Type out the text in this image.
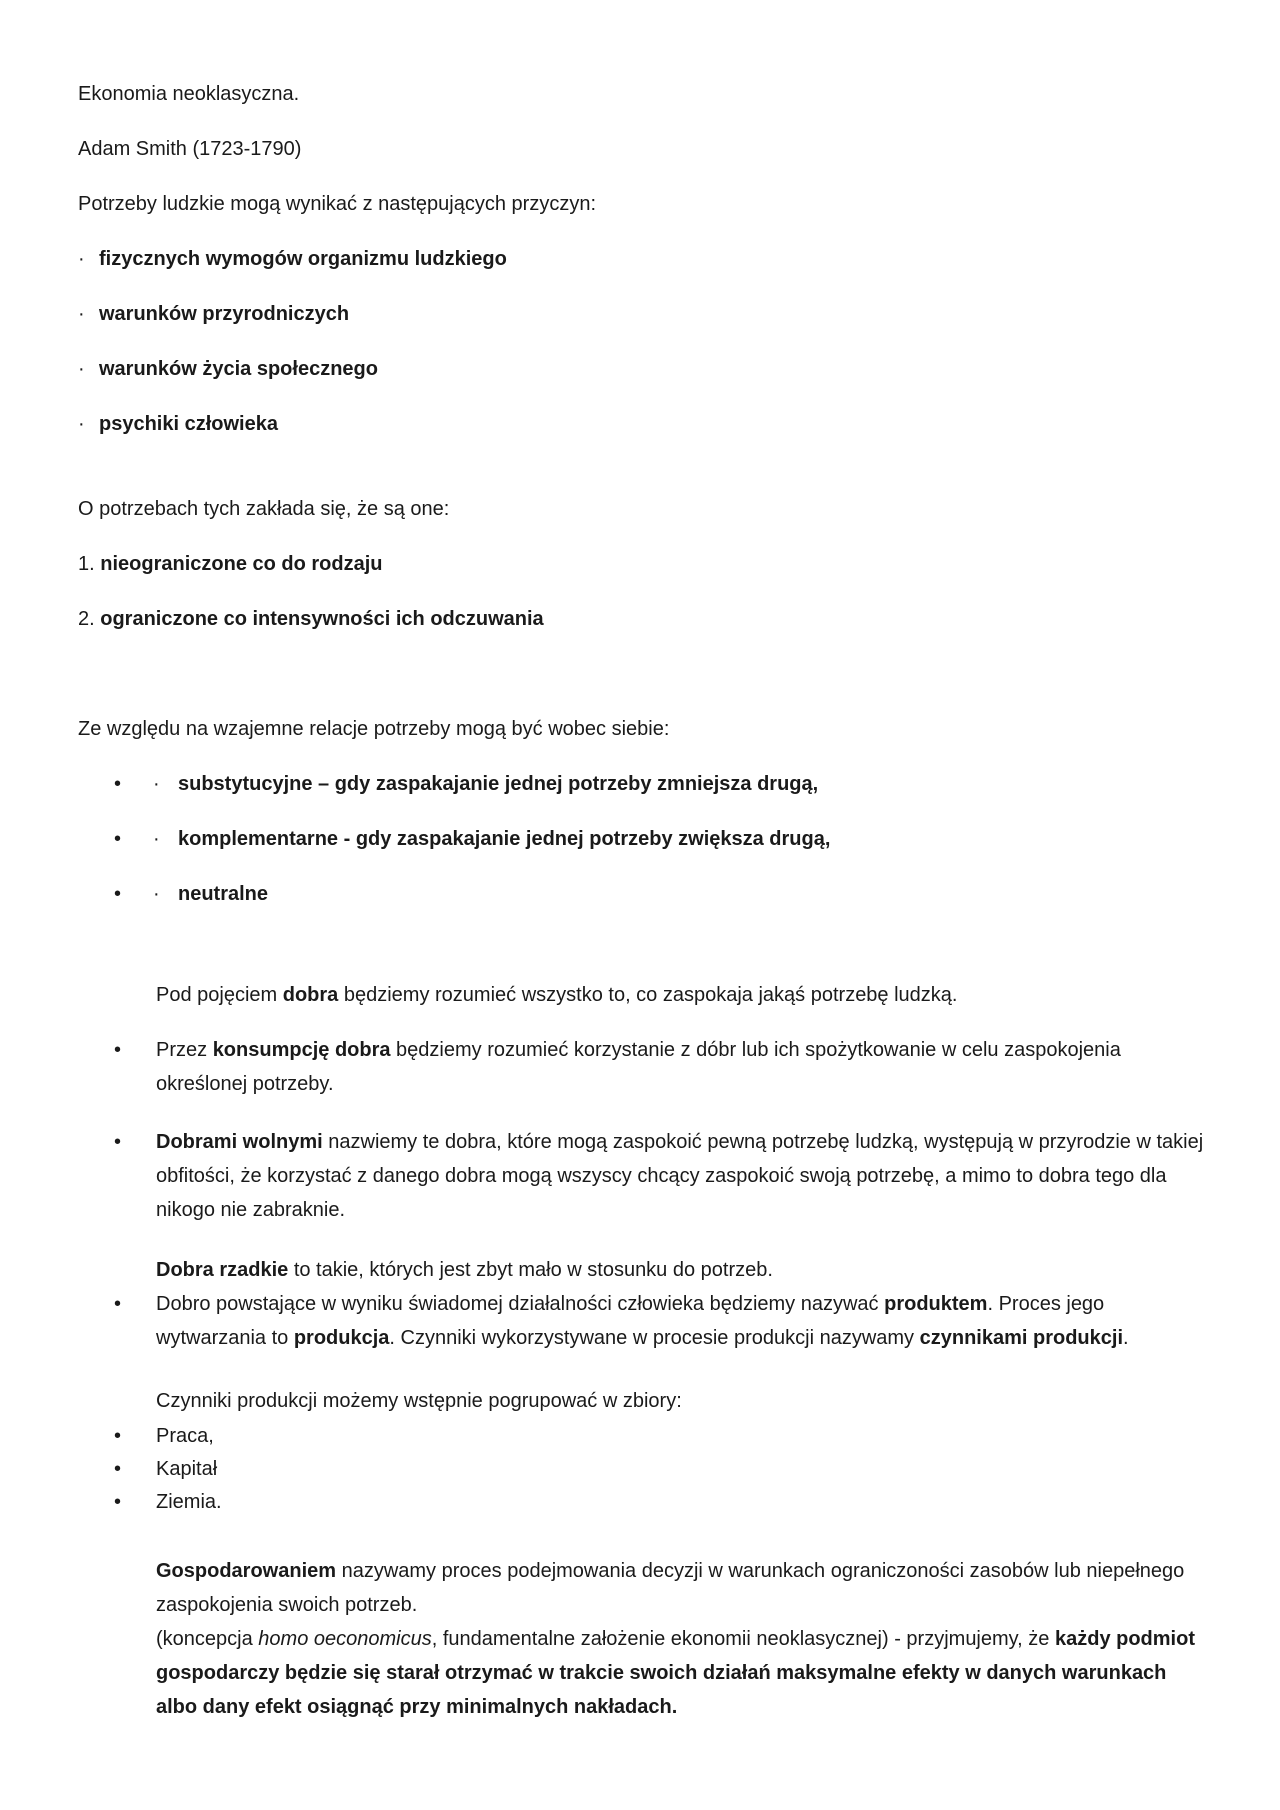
Ekonomia neoklasyczna.
Adam Smith (1723-1790)
Potrzeby ludzkie mogą wynikać z następujących przyczyn:
· fizycznych wymogów organizmu ludzkiego
· warunków przyrodniczych
· warunków życia społecznego
· psychiki człowieka
O potrzebach tych zakłada się, że są one:
1. nieograniczone co do rodzaju
2. ograniczone co intensywności ich odczuwania
Ze względu na wzajemne relacje potrzeby mogą być wobec siebie:
• · substytucyjne – gdy zaspakajanie jednej potrzeby zmniejsza drugą,
• · komplementarne - gdy zaspakajanie jednej potrzeby zwiększa drugą,
• · neutralne
Pod pojęciem dobra będziemy rozumieć wszystko to, co zaspokaja jakąś potrzebę ludzką.
• Przez konsumpcję dobra będziemy rozumieć korzystanie z dóbr lub ich spożytkowanie w celu zaspokojenia określonej potrzeby.
• Dobrami wolnymi nazwiemy te dobra, które mogą zaspokoić pewną potrzebę ludzką, występują w przyrodzie w takiej obfitości, że korzystać z danego dobra mogą wszyscy chcący zaspokoić swoją potrzebę, a mimo to dobra tego dla nikogo nie zabraknie.
Dobra rzadkie to takie, których jest zbyt mało w stosunku do potrzeb.
• Dobro powstające w wyniku świadomej działalności człowieka będziemy nazywać produktem. Proces jego wytwarzania to produkcja. Czynniki wykorzystywane w procesie produkcji nazywamy czynnikami produkcji.
Czynniki produkcji możemy wstępnie pogrupować w zbiory:
• Praca,
• Kapitał
• Ziemia.
Gospodarowaniem nazywamy proces podejmowania decyzji w warunkach ograniczoności zasobów lub niepełnego zaspokojenia swoich potrzeb.
(koncepcja homo oeconomicus, fundamentalne założenie ekonomii neoklasycznej) - przyjmujemy, że każdy podmiot gospodarczy będzie się starał otrzymać w trakcie swoich działań maksymalne efekty w danych warunkach albo dany efekt osiągnąć przy minimalnych nakładach.
